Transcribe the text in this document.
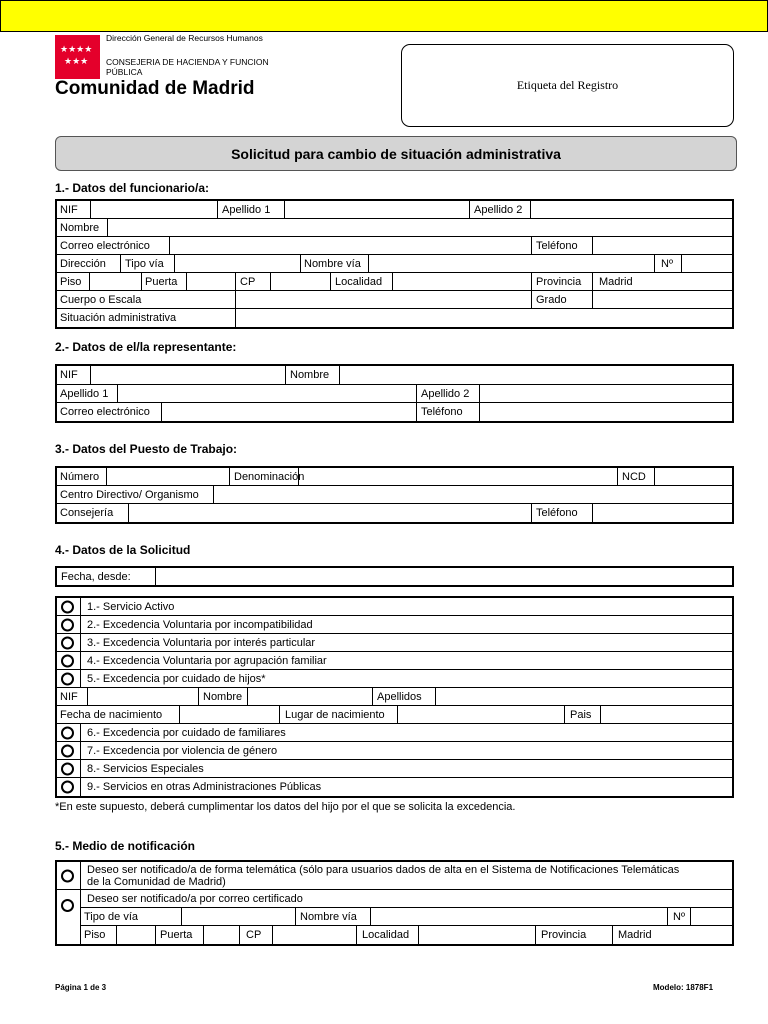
★★★★
★★★
Dirección General de Recursos Humanos
CONSEJERIA DE HACIENDA Y FUNCION
PÚBLICA
Comunidad de Madrid	Etiqueta del Registro
Solicitud para cambio de situación administrativa
1.- Datos del funcionario/a:
NIF	Apellido 1	Apellido 2
Nombre
Correo electrónico	Teléfono
Dirección Tipo vía	Nombre vía	Nº
Piso	Puerta	CP	Localidad	Provincia Madrid
Cuerpo o Escala	Grado
Situación administrativa
2.- Datos de el/la representante:
NIF	Nombre
Apellido 1	Apellido 2
Correo electrónico	Teléfono
3.- Datos del Puesto de Trabajo:
Número	Denominación	NCD
Centro Directivo/ Organismo
Consejería	Teléfono
4.- Datos de la Solicitud
Fecha, desde:
1.- Servicio Activo
2.- Excedencia Voluntaria por incompatibilidad
3.- Excedencia Voluntaria por interés particular
4.- Excedencia Voluntaria por agrupación familiar
5.- Excedencia por cuidado de hijos*
NIF	Nombre	Apellidos
Fecha de nacimiento	Lugar de nacimiento	Pais
6.- Excedencia por cuidado de familiares
7.- Excedencia por violencia de género
8.- Servicios Especiales
9.- Servicios en otras Administraciones Públicas
*En este supuesto, deberá cumplimentar los datos del hijo por el que se solicita la excedencia.
5.- Medio de notificación
Deseo ser notificado/a de forma telemática (sólo para usuarios dados de alta en el Sistema de Notificaciones Telemáticas
de la Comunidad de Madrid)
Deseo ser notificado/a por correo certificado
Tipo de vía	Nombre vía	Nº
Piso	Puerta	CP	Localidad	Provincia	Madrid
Página 1 de 3	Modelo: 1878F1
